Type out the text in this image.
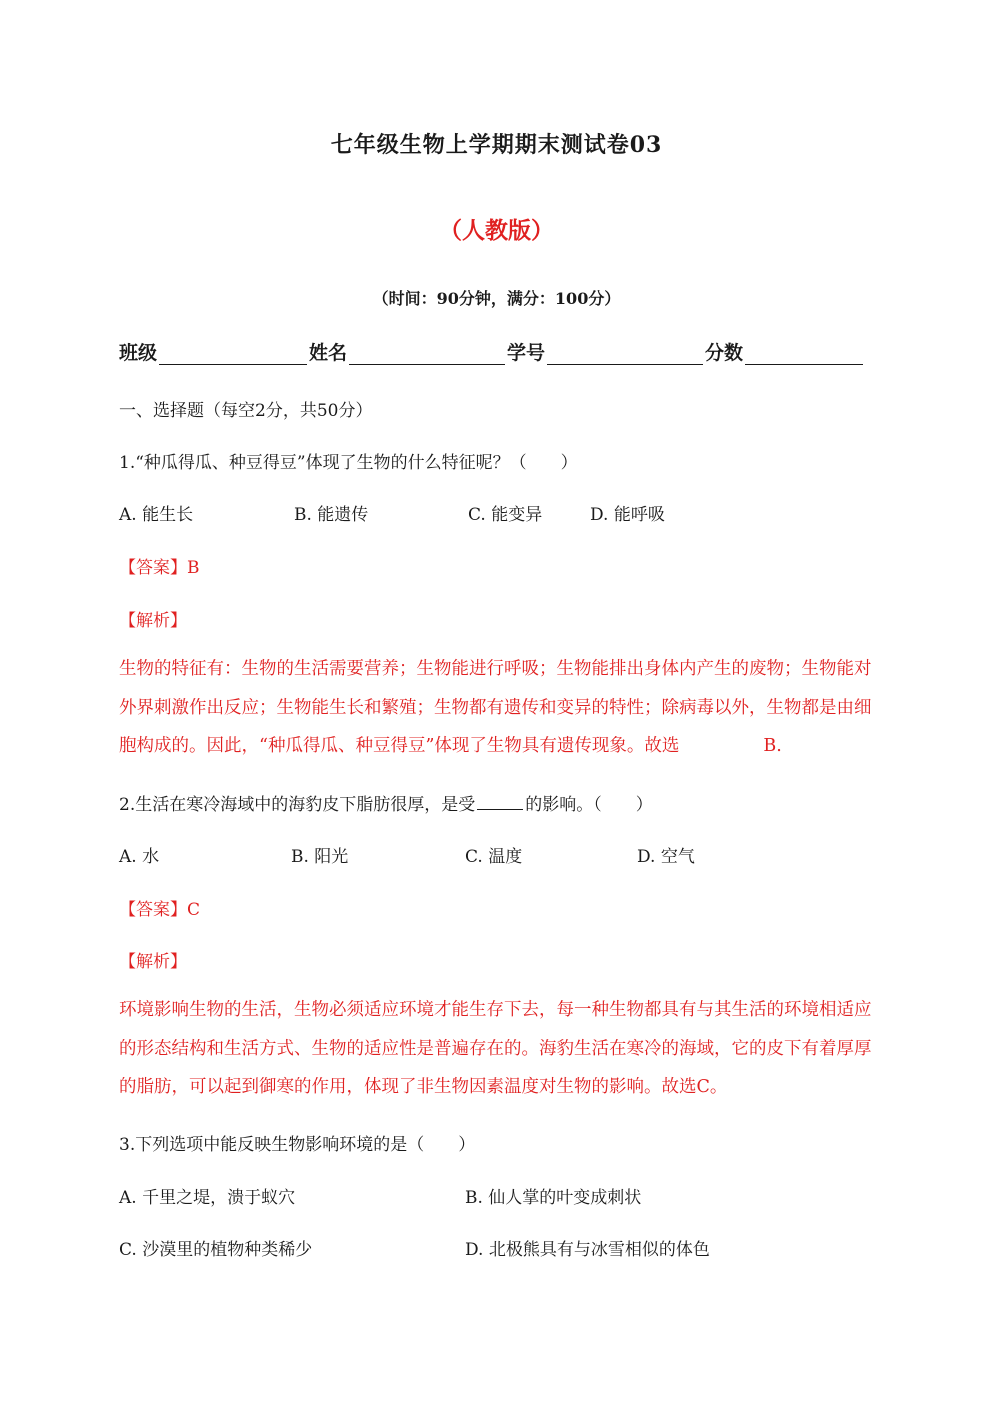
七年级生物上学期期末测试卷03
（人教版）
（时间：90分钟，满分：100分）
班级	姓名	学号	分数
一、选择题（每空2分，共50分）
1.“种瓜得瓜、种豆得豆”体现了生物的什么特征呢？（　　）
A. 能生长	B. 能遗传	C. 能变异	D. 能呼吸
【答案】B
【解析】
生物的特征有：生物的生活需要营养；生物能进行呼吸；生物能排出身体内产生的废物；生物能对
外界刺激作出反应；生物能生长和繁殖；生物都有遗传和变异的特性；除病毒以外，生物都是由细
胞构成的。因此，“种瓜得瓜、种豆得豆”体现了生物具有遗传现象。故选	B.
2.生活在寒冷海域中的海豹皮下脂肪很厚，是受	的影响。（　　）
A. 水	B. 阳光	C. 温度	D. 空气
【答案】C
【解析】
环境影响生物的生活，生物必须适应环境才能生存下去，每一种生物都具有与其生活的环境相适应
的形态结构和生活方式、生物的适应性是普遍存在的。海豹生活在寒冷的海域，它的皮下有着厚厚
的脂肪，可以起到御寒的作用，体现了非生物因素温度对生物的影响。故选C。
3.下列选项中能反映生物影响环境的是（　　）
A. 千里之堤，溃于蚁穴	B. 仙人掌的叶变成刺状
C. 沙漠里的植物种类稀少	D. 北极熊具有与冰雪相似的体色
